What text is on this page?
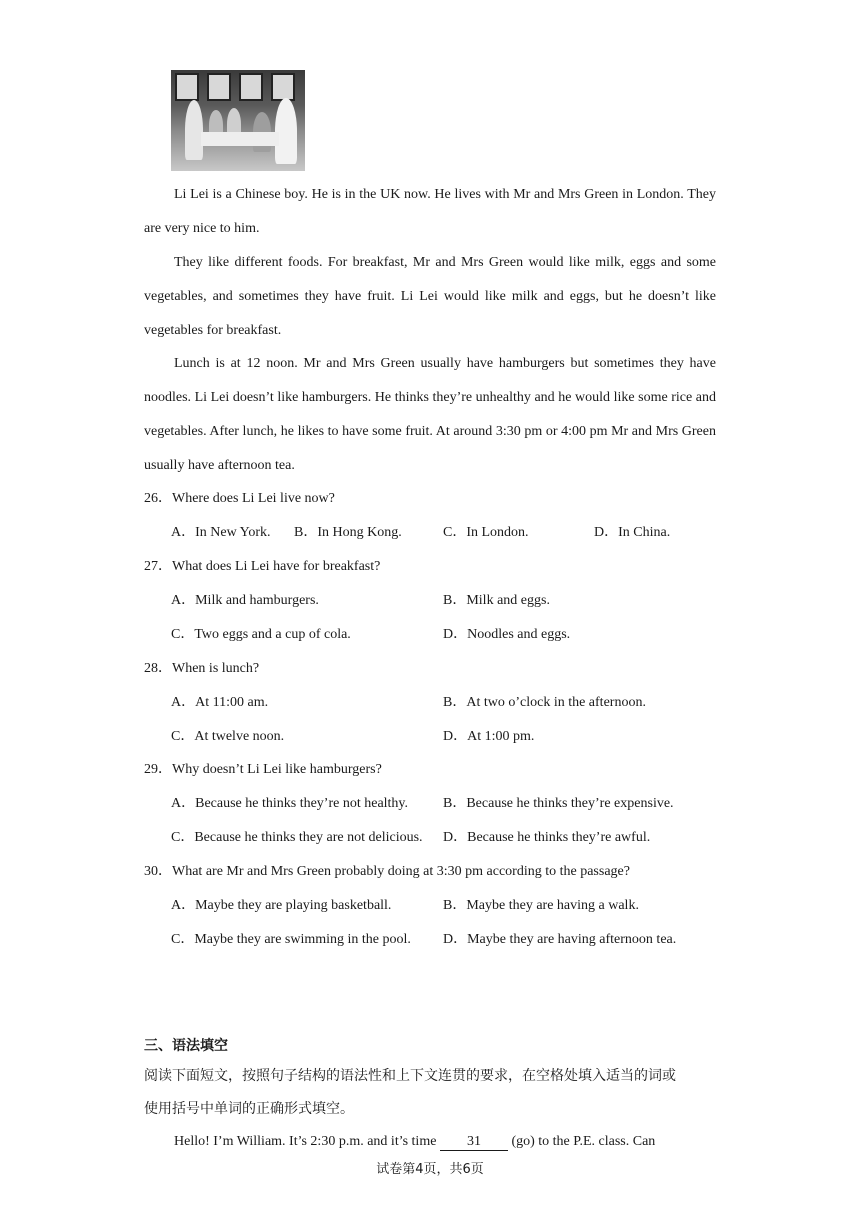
Li Lei is a Chinese boy. He is in the UK now. He lives with Mr and Mrs Green in London. They are very nice to him.

They like different foods. For breakfast, Mr and Mrs Green would like milk, eggs and some vegetables, and sometimes they have fruit. Li Lei would like milk and eggs, but he doesn’t like vegetables for breakfast.

Lunch is at 12 noon. Mr and Mrs Green usually have hamburgers but sometimes they have noodles. Li Lei doesn’t like hamburgers. He thinks they’re unhealthy and he would like some rice and vegetables. After lunch, he likes to have some fruit. At around 3:30 pm or 4:00 pm Mr and Mrs Green usually have afternoon tea.

26．Where does Li Lei live now?
A．In New York. B．In Hong Kong.	C．In London.	D．In China.
27．What does Li Lei have for breakfast?
A．Milk and hamburgers.	B．Milk and eggs.
C．Two eggs and a cup of cola.	D．Noodles and eggs.
28．When is lunch?
A．At 11:00 am.	B．At two o’clock in the afternoon.
C．At twelve noon.	D．At 1:00 pm.
29．Why doesn’t Li Lei like hamburgers?
A．Because he thinks they’re not healthy. B．Because he thinks they’re expensive.
C．Because he thinks they are not delicious. D．Because he thinks they’re awful.
30．What are Mr and Mrs Green probably doing at 3:30 pm according to the passage?
A．Maybe they are playing basketball.	B．Maybe they are having a walk.
C．Maybe they are swimming in the pool. D．Maybe they are having afternoon tea.
三、语法填空
阅读下面短文，按照句子结构的语法性和上下文连贯的要求，在空格处填入适当的词或
使用括号中单词的正确形式填空。
Hello! I’m William. It’s 2:30 p.m. and it’s time 31 (go) to the P.E. class. Can
试卷第4页，共6页
